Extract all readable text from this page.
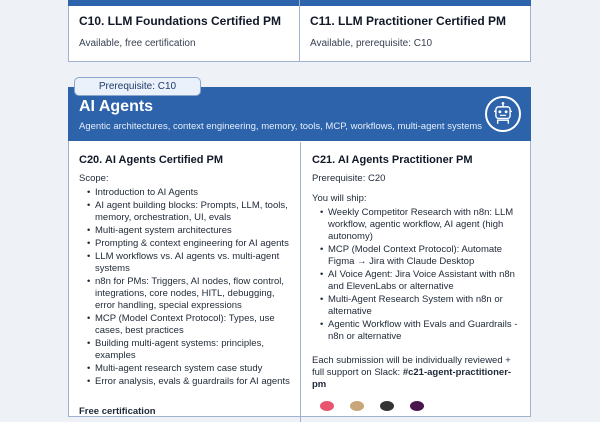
C10. LLM Foundations Certified PM
Available, free certification
C11. LLM Practitioner Certified PM
Available, prerequisite: C10
Prerequisite: C10
AI Agents
Agentic architectures, context engineering, memory, tools, MCP, workflows, multi-agent systems
C20. AI Agents Certified PM
Scope:
• Introduction to AI Agents
• AI agent building blocks: Prompts, LLM, tools, memory, orchestration, UI, evals
• Multi-agent system architectures
• Prompting & context engineering for AI agents
• LLM workflows vs. AI agents vs. multi-agent systems
• n8n for PMs: Triggers, AI nodes, flow control, integrations, core nodes, HITL, debugging, error handling, special expressions
• MCP (Model Context Protocol): Types, use cases, best practices
• Building multi-agent systems: principles, examples
• Multi-agent research system case study
• Error analysis, evals & guardrails for AI agents
Free certification
C21. AI Agents Practitioner PM
Prerequisite: C20
You will ship:
• Weekly Competitor Research with n8n: LLM workflow, agentic workflow, AI agent (high autonomy)
• MCP (Model Context Protocol): Automate Figma → Jira with Claude Desktop
• AI Voice Agent: Jira Voice Assistant with n8n and ElevenLabs or alternative
• Multi-Agent Research System with n8n or alternative
• Agentic Workflow with Evals and Guardrails - n8n or alternative
Each submission will be individually reviewed + full support on Slack: #c21-agent-practitioner-pm
